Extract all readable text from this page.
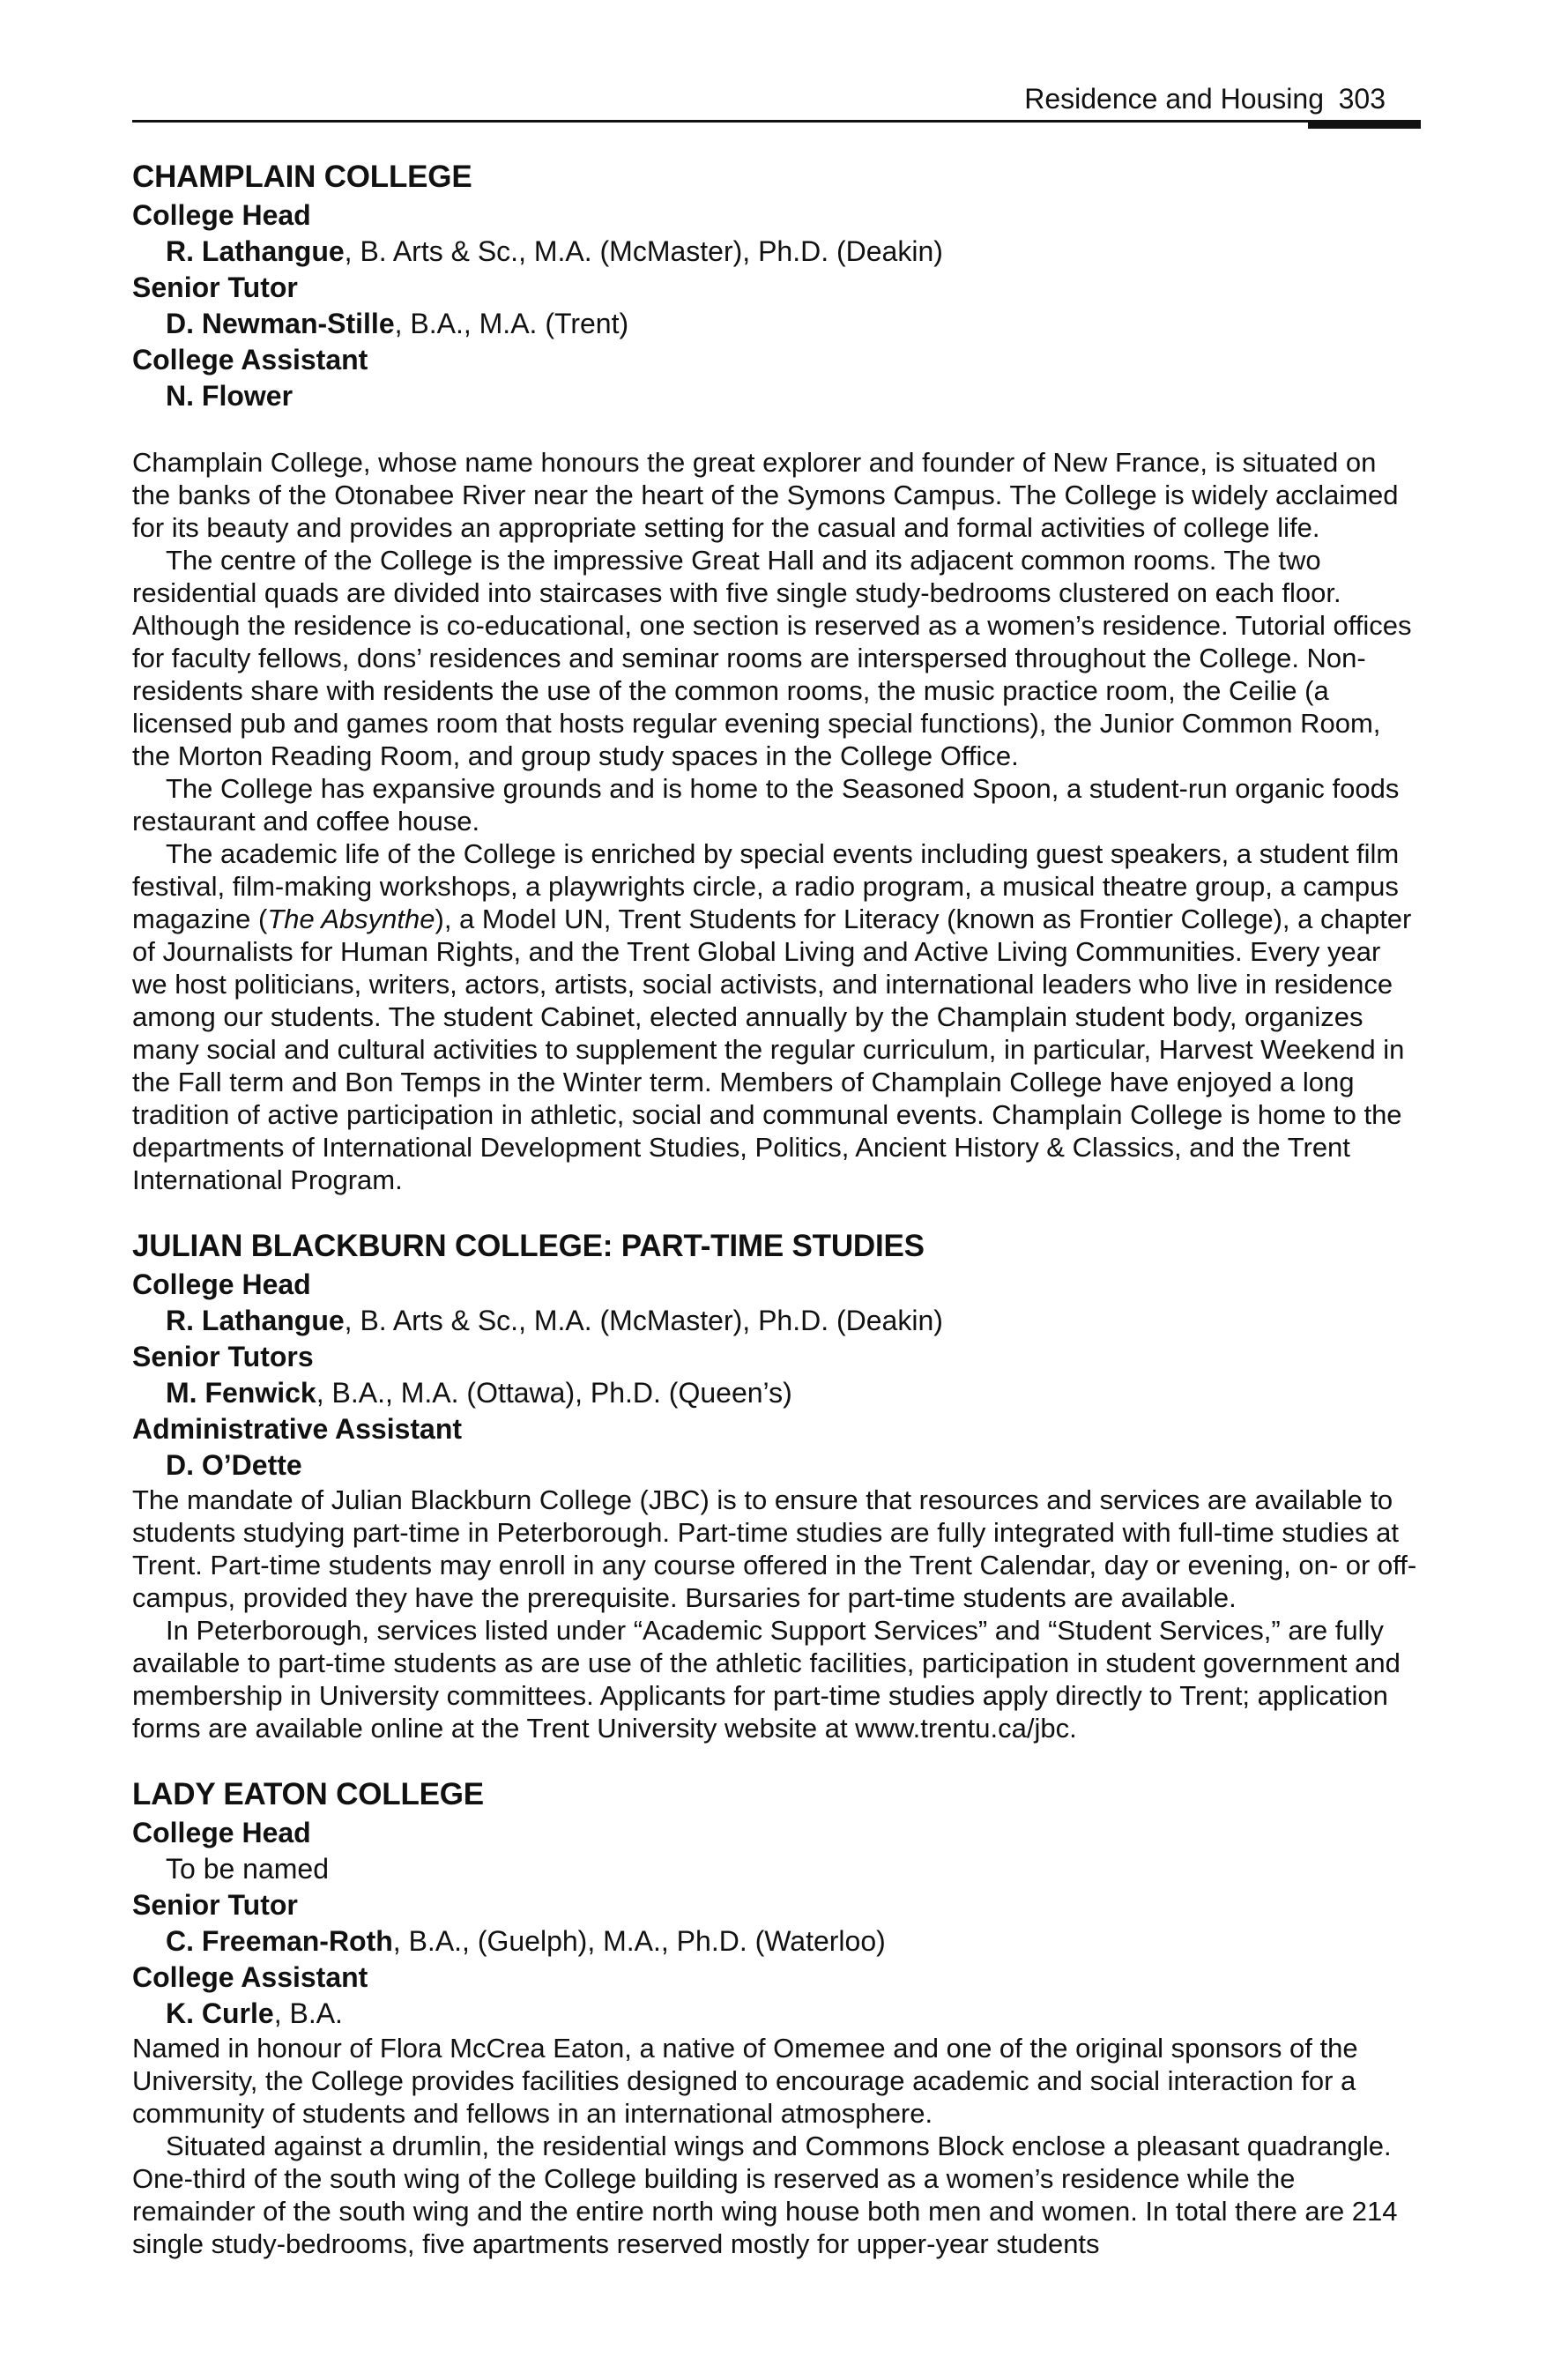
Residence and Housing 303
CHAMPLAIN COLLEGE

College Head

R. Lathangue, B. Arts & Sc., M.A. (McMaster), Ph.D. (Deakin)

Senior Tutor

D. Newman-Stille, B.A., M.A. (Trent)

College Assistant

N. Flower

Champlain College, whose name honours the great explorer and founder of New France, is situated on the banks of the Otonabee River near the heart of the Symons Campus. The College is widely acclaimed for its beauty and provides an appropriate setting for the casual and formal activities of college life.

The centre of the College is the impressive Great Hall and its adjacent common rooms. The two residential quads are divided into staircases with five single study-bedrooms clustered on each floor. Although the residence is co-educational, one section is reserved as a women’s residence. Tutorial offices for faculty fellows, dons’ residences and seminar rooms are interspersed throughout the College. Non-residents share with residents the use of the common rooms, the music practice room, the Ceilie (a licensed pub and games room that hosts regular evening special functions), the Junior Common Room, the Morton Reading Room, and group study spaces in the College Office.

The College has expansive grounds and is home to the Seasoned Spoon, a student-run organic foods restaurant and coffee house.

The academic life of the College is enriched by special events including guest speakers, a student film festival, film-making workshops, a playwrights circle, a radio program, a musical theatre group, a campus magazine (The Absynthe), a Model UN, Trent Students for Literacy (known as Frontier College), a chapter of Journalists for Human Rights, and the Trent Global Living and Active Living Communities. Every year we host politicians, writers, actors, artists, social activists, and international leaders who live in residence among our students. The student Cabinet, elected annually by the Champlain student body, organizes many social and cultural activities to supplement the regular curriculum, in particular, Harvest Weekend in the Fall term and Bon Temps in the Winter term. Members of Champlain College have enjoyed a long tradition of active participation in athletic, social and communal events. Champlain College is home to the departments of International Development Studies, Politics, Ancient History & Classics, and the Trent International Program.

JULIAN BLACKBURN COLLEGE: PART-TIME STUDIES

College Head

R. Lathangue, B. Arts & Sc., M.A. (McMaster), Ph.D. (Deakin)

Senior Tutors

M. Fenwick, B.A., M.A. (Ottawa), Ph.D. (Queen’s)

Administrative Assistant

D. O’Dette

The mandate of Julian Blackburn College (JBC) is to ensure that resources and services are available to students studying part-time in Peterborough. Part-time studies are fully integrated with full-time studies at Trent. Part-time students may enroll in any course offered in the Trent Calendar, day or evening, on- or off-campus, provided they have the prerequisite. Bursaries for part-time students are available.

In Peterborough, services listed under “Academic Support Services” and “Student Services,” are fully available to part-time students as are use of the athletic facilities, participation in student government and membership in University committees. Applicants for part-time studies apply directly to Trent; application forms are available online at the Trent University website at www.trentu.ca/jbc.

LADY EATON COLLEGE

College Head

To be named

Senior Tutor

C. Freeman-Roth, B.A., (Guelph), M.A., Ph.D. (Waterloo)

College Assistant

K. Curle, B.A.

Named in honour of Flora McCrea Eaton, a native of Omemee and one of the original sponsors of the University, the College provides facilities designed to encourage academic and social interaction for a community of students and fellows in an international atmosphere.

Situated against a drumlin, the residential wings and Commons Block enclose a pleasant quadrangle. One-third of the south wing of the College building is reserved as a women’s residence while the remainder of the south wing and the entire north wing house both men and women. In total there are 214 single study-bedrooms, five apartments reserved mostly for upper-year students
